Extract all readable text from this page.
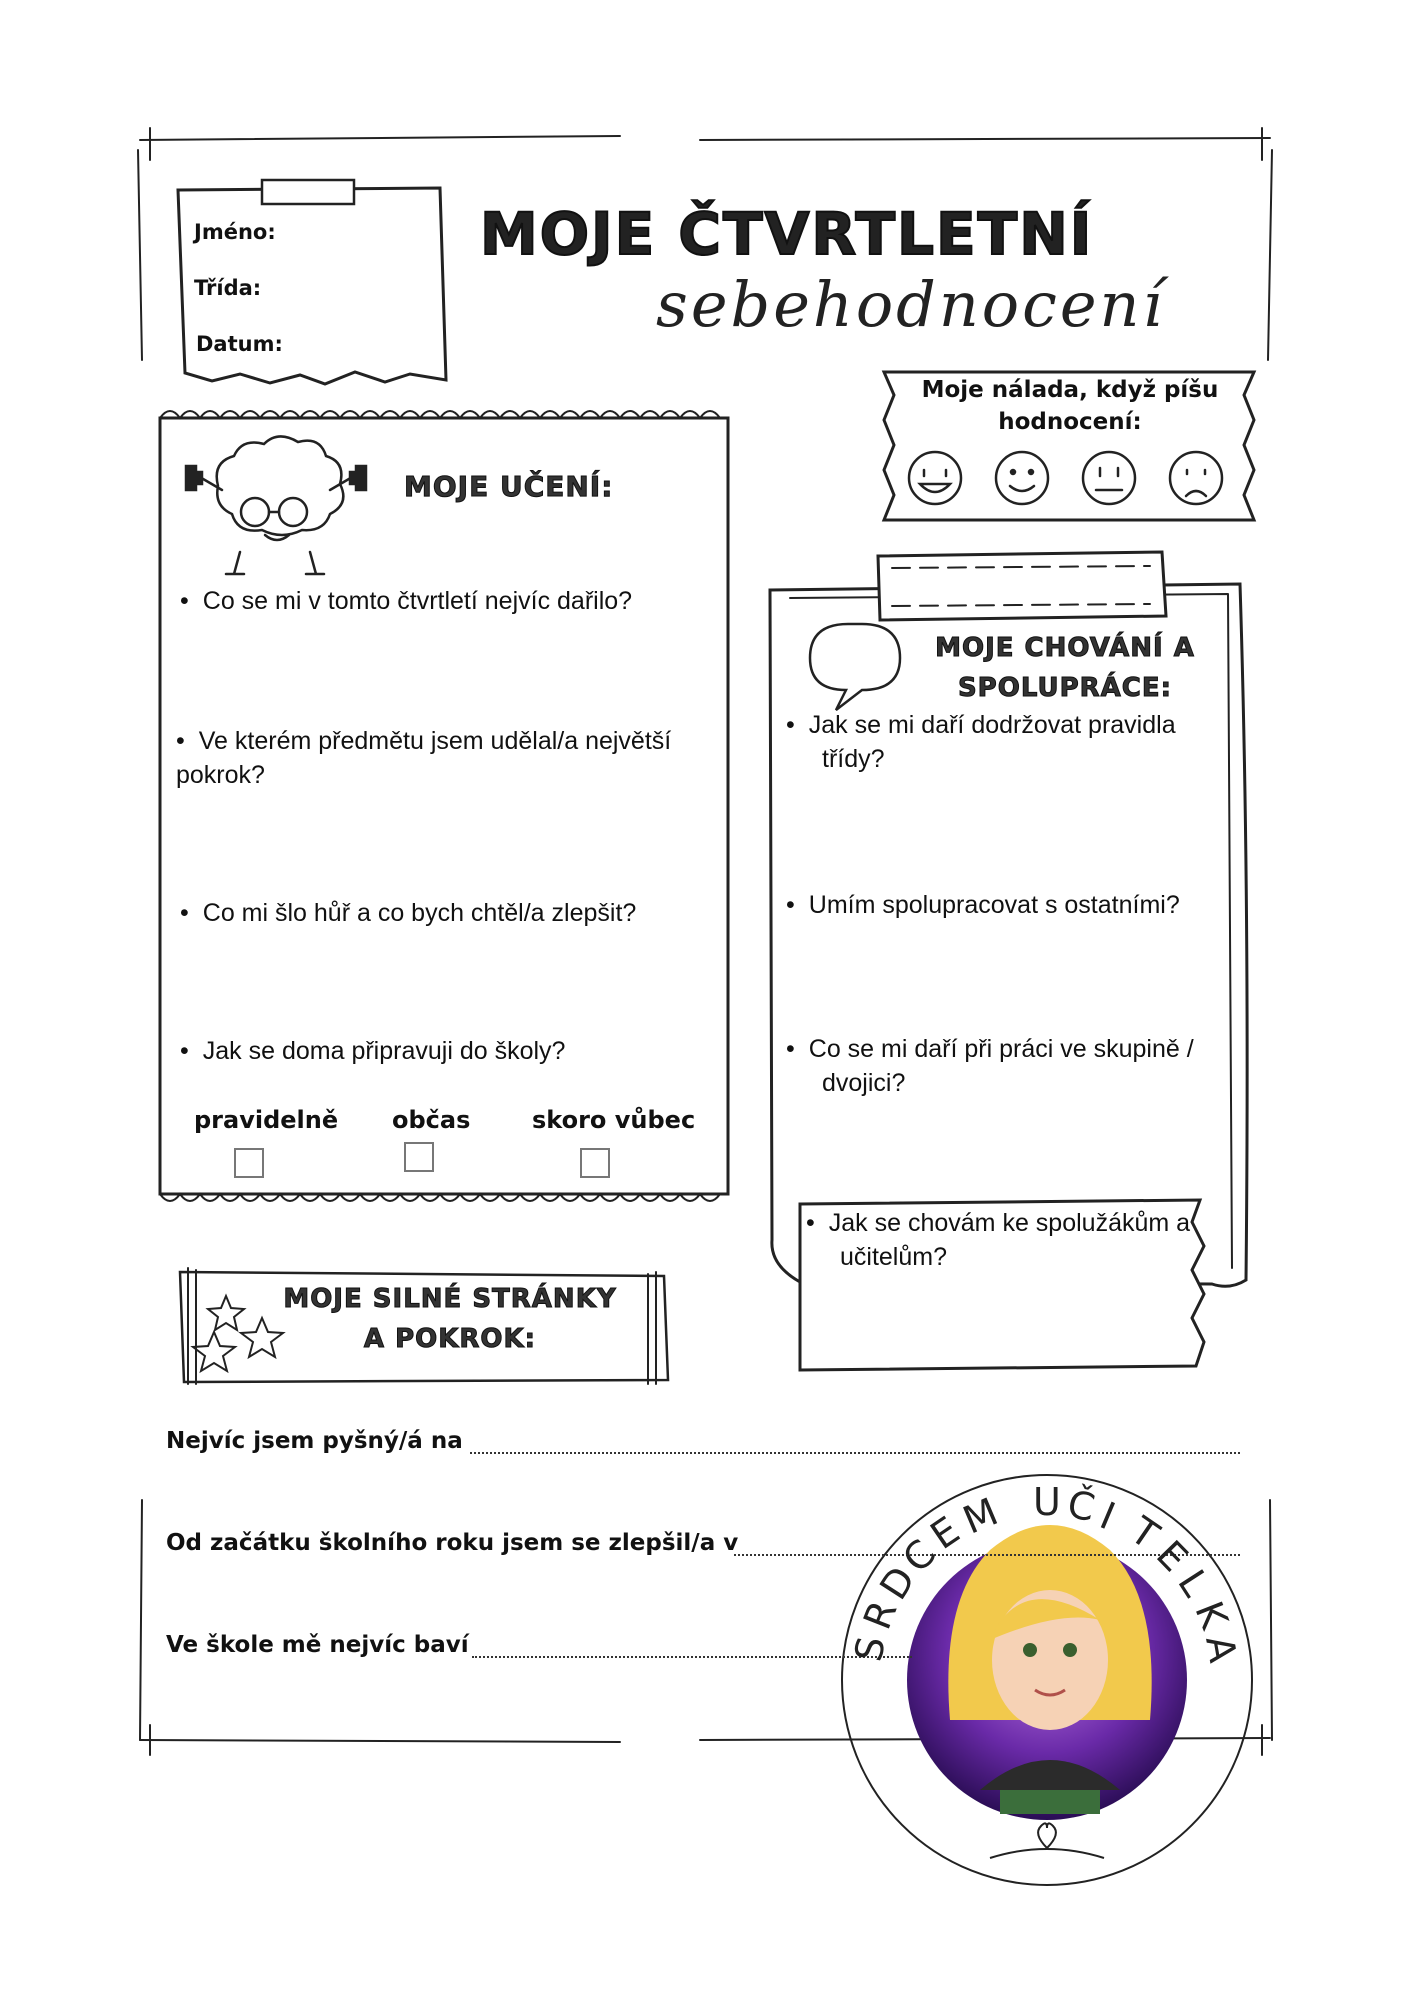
MOJE ČTVRTLETNÍ
sebehodnocení
Jméno:
Třída:
Datum:
Moje nálada, když píšu hodnocení:
MOJE UČENÍ:
• Co se mi v tomto čtvrtletí nejvíc dařilo?
• Ve kterém předmětu jsem udělal/a největší pokrok?
• Co mi šlo hůř a co bych chtěl/a zlepšit?
• Jak se doma připravuji do školy?
pravidelně občas	skoro vůbec
MOJE CHOVÁNÍ A SPOLUPRÁCE:
• Jak se mi daří dodržovat pravidla třídy?
• Umím spolupracovat s ostatními?
• Co se mi daří při práci ve skupině / dvojici?
• Jak se chovám ke spolužákům a učitelům?
MOJE SILNÉ STRÁNKY
A POKROK:
Nejvíc jsem pyšný/á na
Od začátku školního roku jsem se zlepšil/a v
Ve škole mě nejvíc baví	S
R
D
C
E
M U Č
I T
E
L
K
A
